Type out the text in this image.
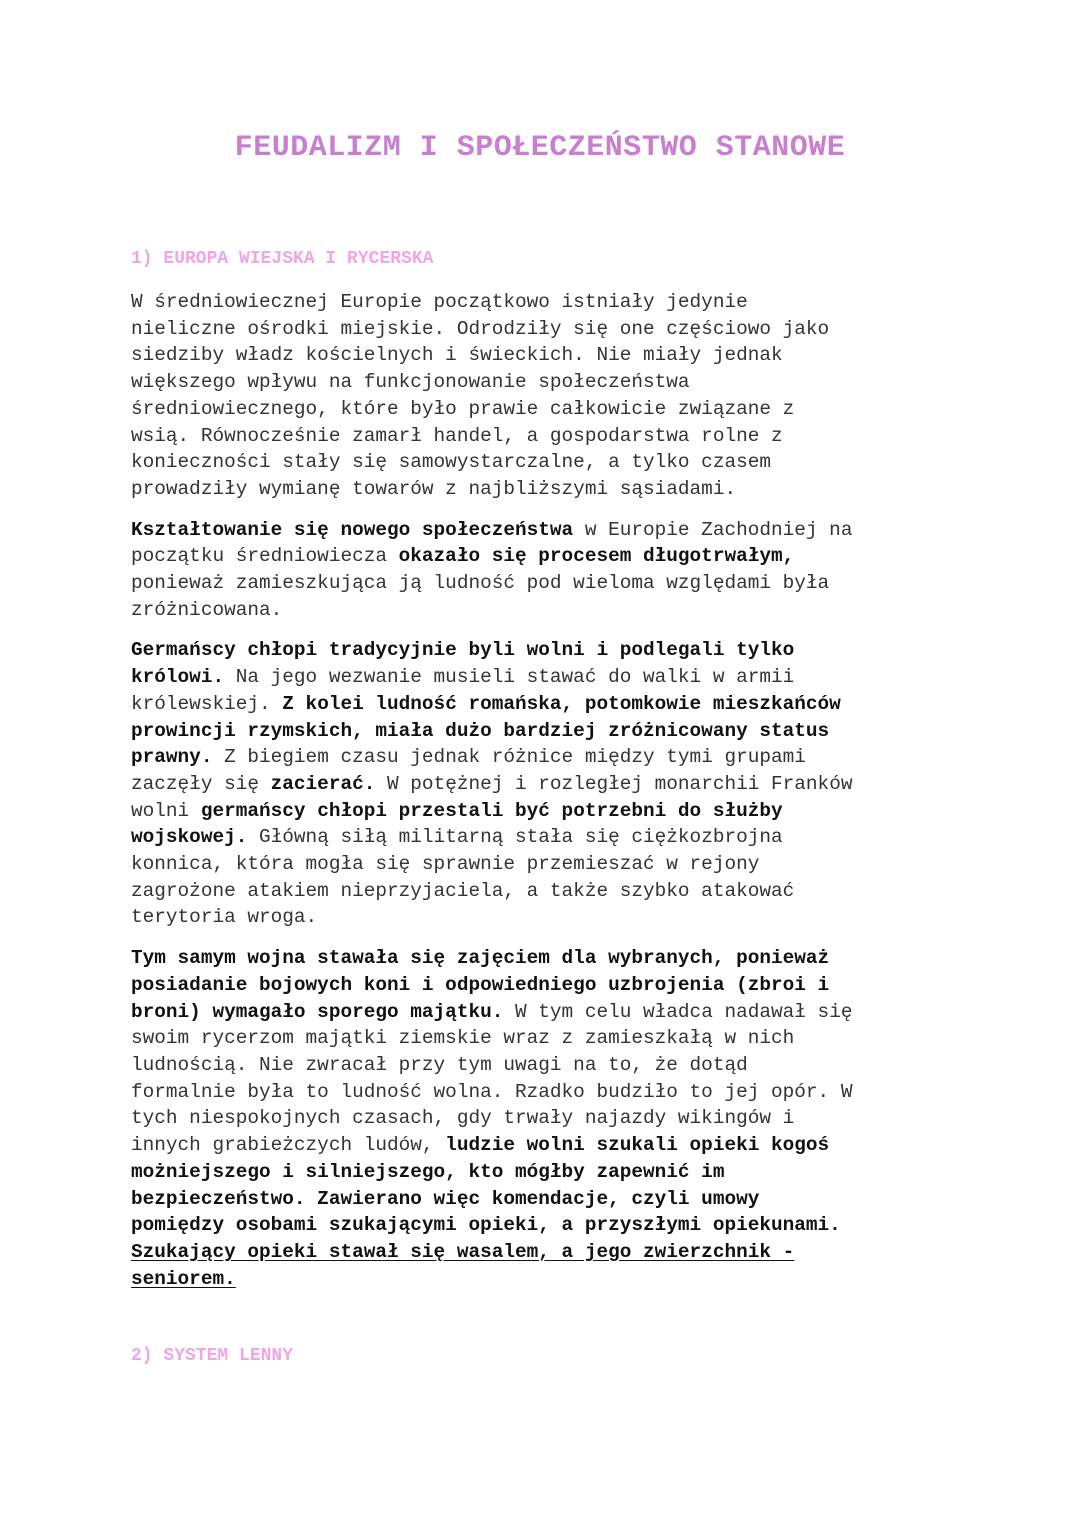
FEUDALIZM I SPOŁECZEŃSTWO STANOWE
1) EUROPA WIEJSKA I RYCERSKA

W średniowiecznej Europie początkowo istniały jedynie
nieliczne ośrodki miejskie. Odrodziły się one częściowo jako
siedziby władz kościelnych i świeckich. Nie miały jednak
większego wpływu na funkcjonowanie społeczeństwa
średniowiecznego, które było prawie całkowicie związane z
wsią. Równocześnie zamarł handel, a gospodarstwa rolne z
konieczności stały się samowystarczalne, a tylko czasem
prowadziły wymianę towarów z najbliższymi sąsiadami.

Kształtowanie się nowego społeczeństwa w Europie Zachodniej na
początku średniowiecza okazało się procesem długotrwałym,
ponieważ zamieszkująca ją ludność pod wieloma względami była
zróżnicowana.

Germańscy chłopi tradycyjnie byli wolni i podlegali tylko
królowi. Na jego wezwanie musieli stawać do walki w armii
królewskiej. Z kolei ludność romańska, potomkowie mieszkańców
prowincji rzymskich, miała dużo bardziej zróżnicowany status
prawny. Z biegiem czasu jednak różnice między tymi grupami
zaczęły się zacierać. W potężnej i rozległej monarchii Franków
wolni germańscy chłopi przestali być potrzebni do służby
wojskowej. Główną siłą militarną stała się ciężkozbrojna
konnica, która mogła się sprawnie przemieszać w rejony
zagrożone atakiem nieprzyjaciela, a także szybko atakować
terytoria wroga.

Tym samym wojna stawała się zajęciem dla wybranych, ponieważ
posiadanie bojowych koni i odpowiedniego uzbrojenia (zbroi i
broni) wymagało sporego majątku. W tym celu władca nadawał się
swoim rycerzom majątki ziemskie wraz z zamieszkałą w nich
ludnością. Nie zwracał przy tym uwagi na to, że dotąd
formalnie była to ludność wolna. Rzadko budziło to jej opór. W
tych niespokojnych czasach, gdy trwały najazdy wikingów i
innych grabieżczych ludów, ludzie wolni szukali opieki kogoś
możniejszego i silniejszego, kto mógłby zapewnić im
bezpieczeństwo. Zawierano więc komendacje, czyli umowy
pomiędzy osobami szukającymi opieki, a przyszłymi opiekunami.
Szukający opieki stawał się wasalem, a jego zwierzchnik -
seniorem.

2) SYSTEM LENNY
